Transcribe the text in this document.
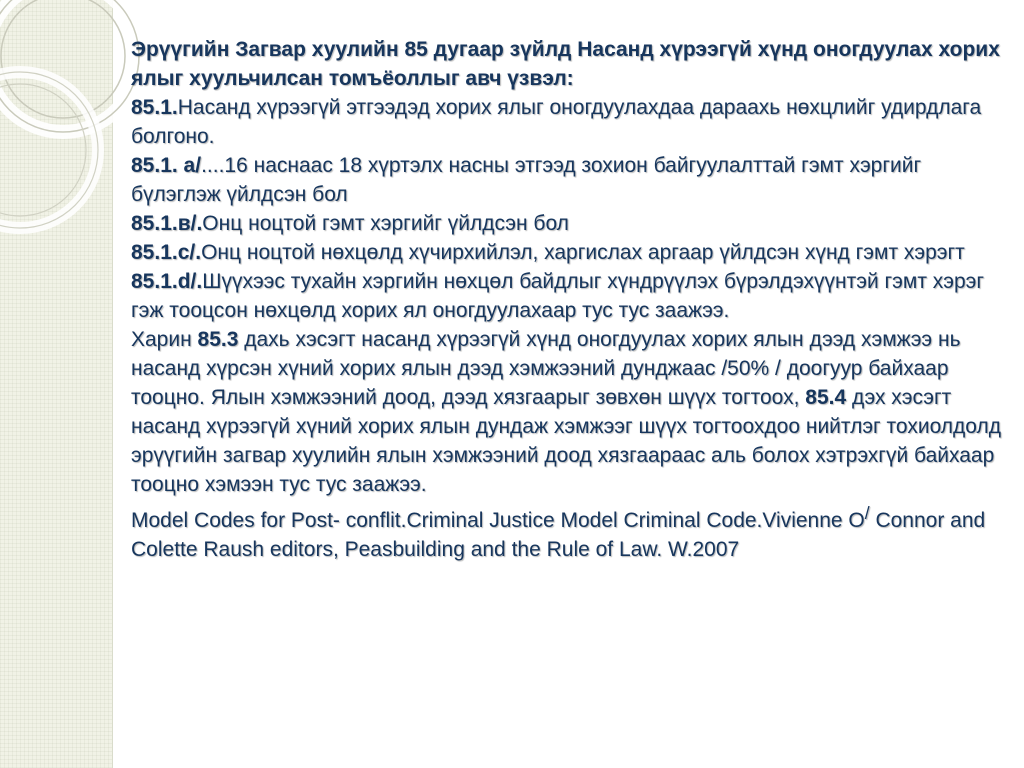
Эрүүгийн Загвар хуулийн 85 дугаар зүйлд Насанд хүрээгүй хүнд оногдуулах хорих ялыг хуульчилсан томъёоллыг авч үзвэл:

85.1.Насанд хүрээгүй этгээдэд хорих ялыг оногдуулахдаа дараахь нөхцлийг удирдлага болгоно.

85.1. а/....16 наснаас 18 хүртэлх насны этгээд зохион байгуулалттай гэмт хэргийг бүлэглэж үйлдсэн бол

85.1.в/.Онц ноцтой гэмт хэргийг үйлдсэн бол

85.1.с/.Онц ноцтой нөхцөлд хүчирхийлэл, харгислах аргаар үйлдсэн хүнд гэмт хэрэгт

85.1.d/.Шүүхээс тухайн хэргийн нөхцөл байдлыг хүндрүүлэх бүрэлдэхүүнтэй гэмт хэрэг гэж тооцсон нөхцөлд хорих ял оногдуулахаар тус тус заажээ.

Харин 85.3 дахь хэсэгт насанд хүрээгүй хүнд оногдуулах хорих ялын дээд хэмжээ нь насанд хүрсэн хүний хорих ялын дээд хэмжээний дунджаас /50% / доогуур байхаар тооцно. Ялын хэмжээний доод, дээд хязгаарыг зөвхөн шүүх тогтоох, 85.4 дэх хэсэгт насанд хүрээгүй хүний хорих ялын дундаж хэмжээг шүүх тогтоохдоо нийтлэг тохиолдолд эрүүгийн загвар хуулийн ялын хэмжээний доод хязгаараас аль болох хэтрэхгүй байхаар тооцно хэмээн тус тус заажээ.

Model Codes for Post- conflit.Criminal Justice Model Criminal Code.Vivienne O/ Connor and Colette Raush editors, Peasbuilding and the Rule of Law. W.2007
